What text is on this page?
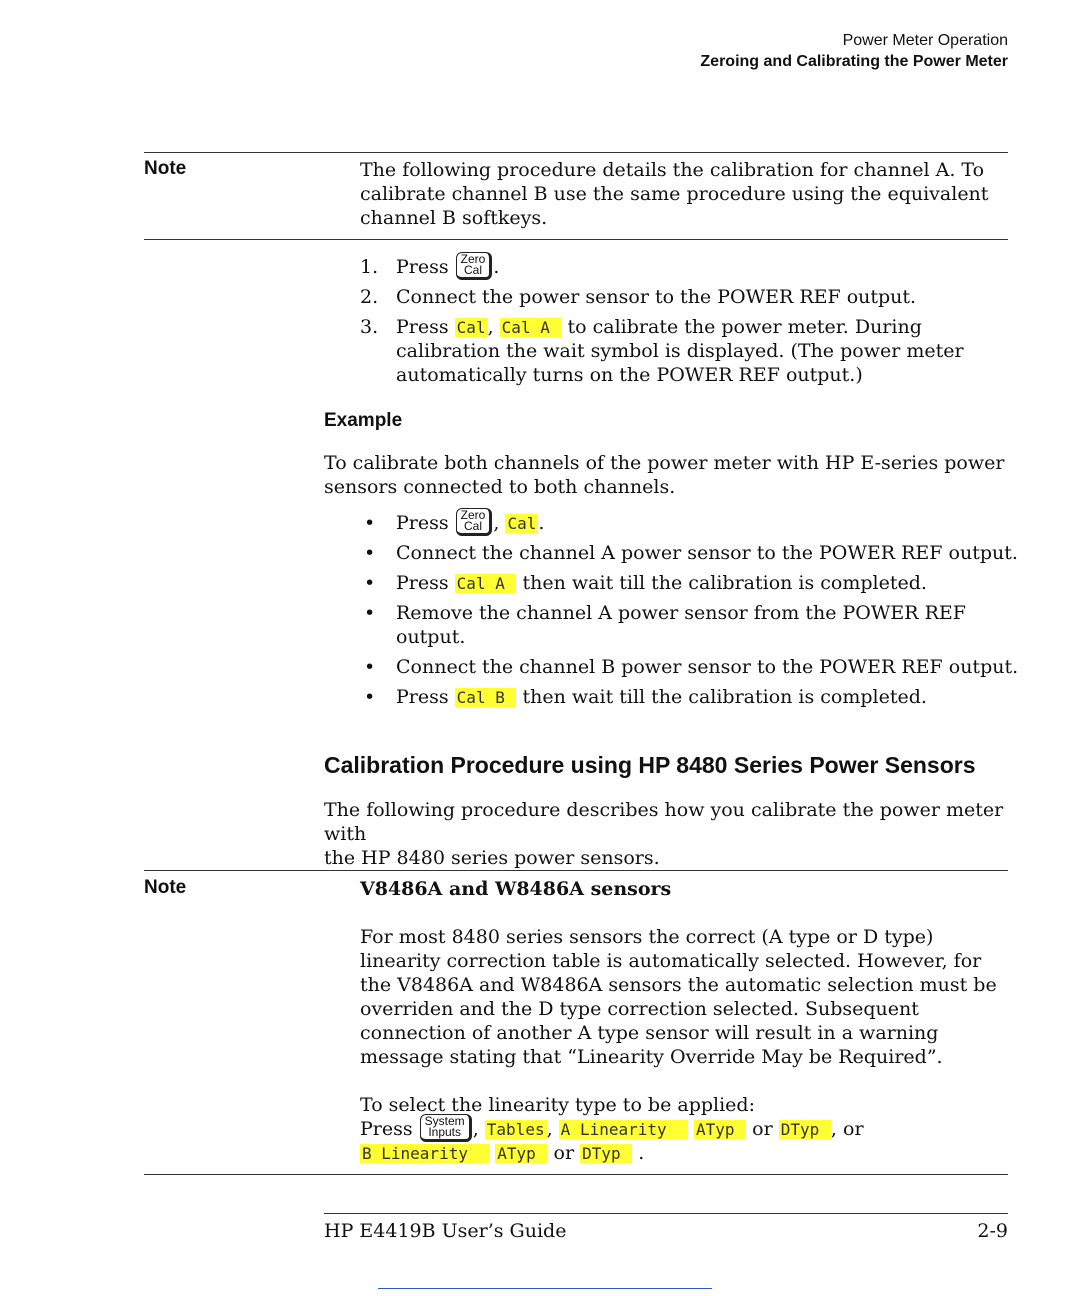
Power Meter Operation
Zeroing and Calibrating the Power Meter
Note	The following procedure details the calibration for channel A. To
calibrate channel B use the same procedure using the equivalent
channel B softkeys.
1. Press Zero
Cal .
2. Connect the power sensor to the POWER REF output.
3. Press Cal , Cal A  to calibrate the power meter. During
calibration the wait symbol is displayed. (The power meter
automatically turns on the POWER REF output.)
Example
To calibrate both channels of the power meter with HP E-series power
sensors connected to both channels.
•	Press Zero
Cal , Cal .
•	Connect the channel A power sensor to the POWER REF output.
•	Press Cal A  then wait till the calibration is completed.
•	Remove the channel A power sensor from the POWER REF
output.
•	Connect the channel B power sensor to the POWER REF output.
•	Press Cal B  then wait till the calibration is completed.
Calibration Procedure using HP 8480 Series Power Sensors
The following procedure describes how you calibrate the power meter with
the HP 8480 series power sensors.
Note	V8486A and W8486A sensors
For most 8480 series sensors the correct (A type or D type)
linearity correction table is automatically selected. However, for
the V8486A and W8486A sensors the automatic selection must be
overriden and the D type correction selected. Subsequent
connection of another A type sensor will result in a warning
message stating that “Linearity Override May be Required”.
To select the linearity type to be applied:
Press System
Inputs , Tables , A Linearity   ATyp  or DTyp , or
B Linearity   ATyp  or DTyp  .
HP E4419B User’s Guide	2-9
